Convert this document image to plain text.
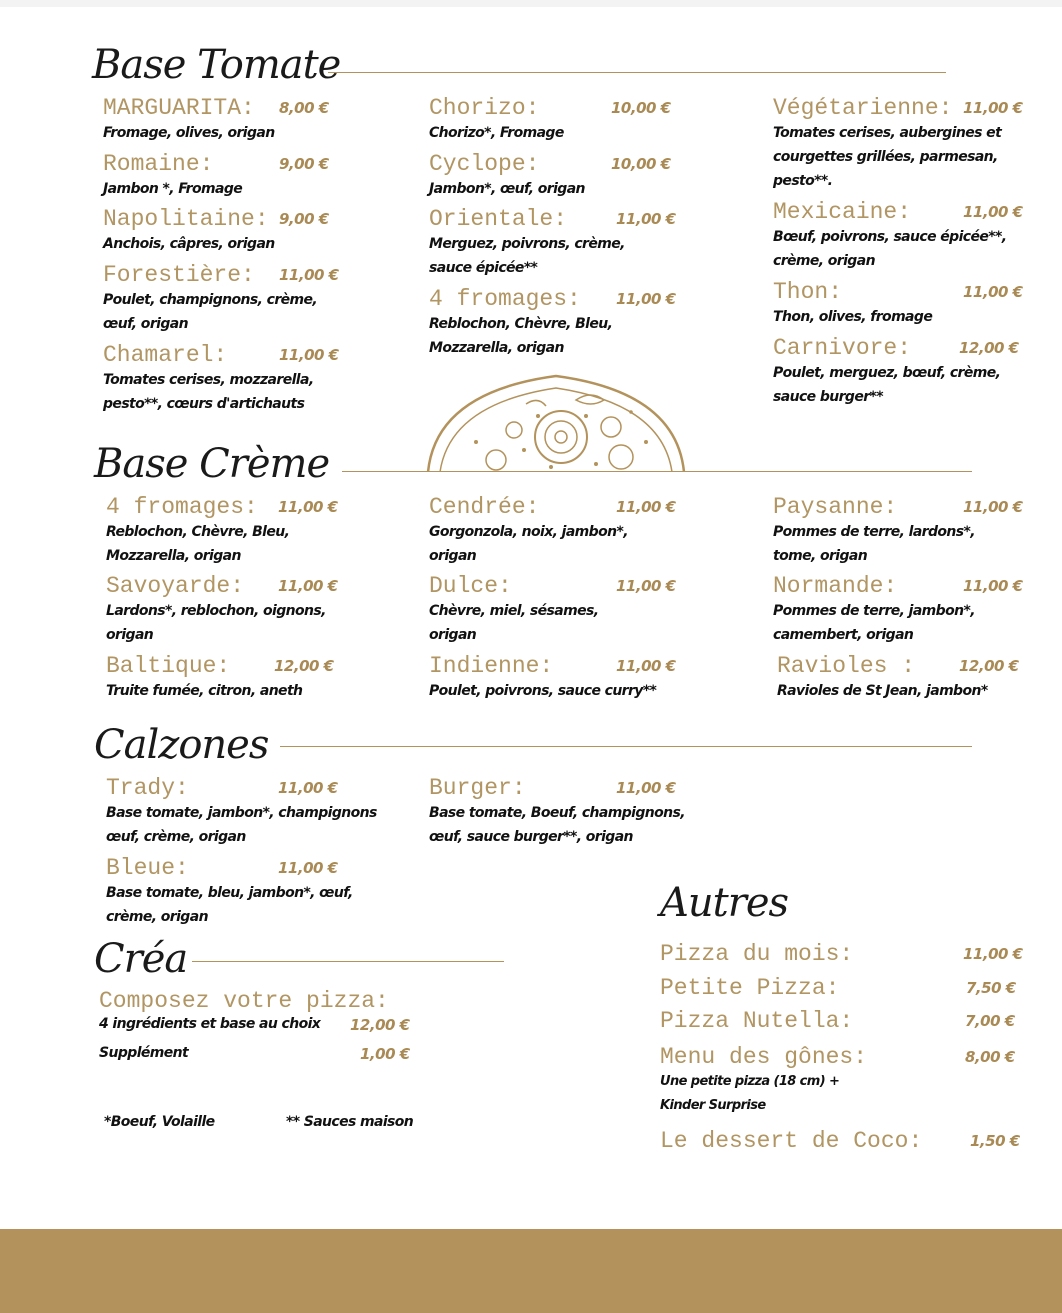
Base Tomate
MARGUARITA: 8,00 €
Fromage, olives, origan
Romaine:	9,00 €
Jambon *, Fromage
Napolitaine: 9,00 €
Anchois, câpres, origan
Forestière: 11,00 €
Poulet, champignons, crème, œuf, origan
Chamarel:	11,00 €
Tomates cerises, mozzarella, pesto**, cœurs d'artichauts
Chorizo:	10,00 €
Chorizo*, Fromage
Cyclope:	10,00 €
Jambon*, œuf, origan
Orientale:	11,00 €
Merguez, poivrons, crème, sauce épicée**
4 fromages: 11,00 €
Reblochon, Chèvre, Bleu, Mozzarella, origan
Végétarienne: 11,00 €
Tomates cerises, aubergines et courgettes grillées, parmesan, pesto**.
Mexicaine:	11,00 €
Bœuf, poivrons, sauce épicée**, crème, origan
Thon:	11,00 €
Thon, olives, fromage
Carnivore:	12,00 €
Poulet, merguez, bœuf, crème, sauce burger**
Base Crème
4 fromages: 11,00 €
Reblochon, Chèvre, Bleu, Mozzarella, origan
Savoyarde: 11,00 €
Lardons*, reblochon, oignons, origan
Baltique:	12,00 €
Truite fumée, citron, aneth
Cendrée:	11,00 €
Gorgonzola, noix, jambon*, origan
Dulce:	11,00 €
Chèvre, miel, sésames, origan
Indienne:	11,00 €
Poulet, poivrons, sauce curry**
Paysanne:	11,00 €
Pommes de terre, lardons*, tome, origan
Normande:	11,00 €
Pommes de terre, jambon*, camembert, origan
Ravioles :	12,00 €
Ravioles de St Jean, jambon*
Calzones
Trady:	11,00 €
Base tomate, jambon*, champignons œuf, crème, origan
Bleue:	11,00 €
Base tomate, bleu, jambon*, œuf, crème, origan
Burger:	11,00 €
Base tomate, Boeuf, champignons, œuf, sauce burger**, origan
Créa
Composez votre pizza:
4 ingrédients et base au choix 12,00 €
Supplément	1,00 €
*Boeuf, Volaille	** Sauces maison
Autres
Pizza du mois:	11,00 €
Petite Pizza:	7,50 €
Pizza Nutella:	7,00 €
Menu des gônes:	8,00 €
Une petite pizza (18 cm) + Kinder Surprise
Le dessert de Coco:	1,50 €
